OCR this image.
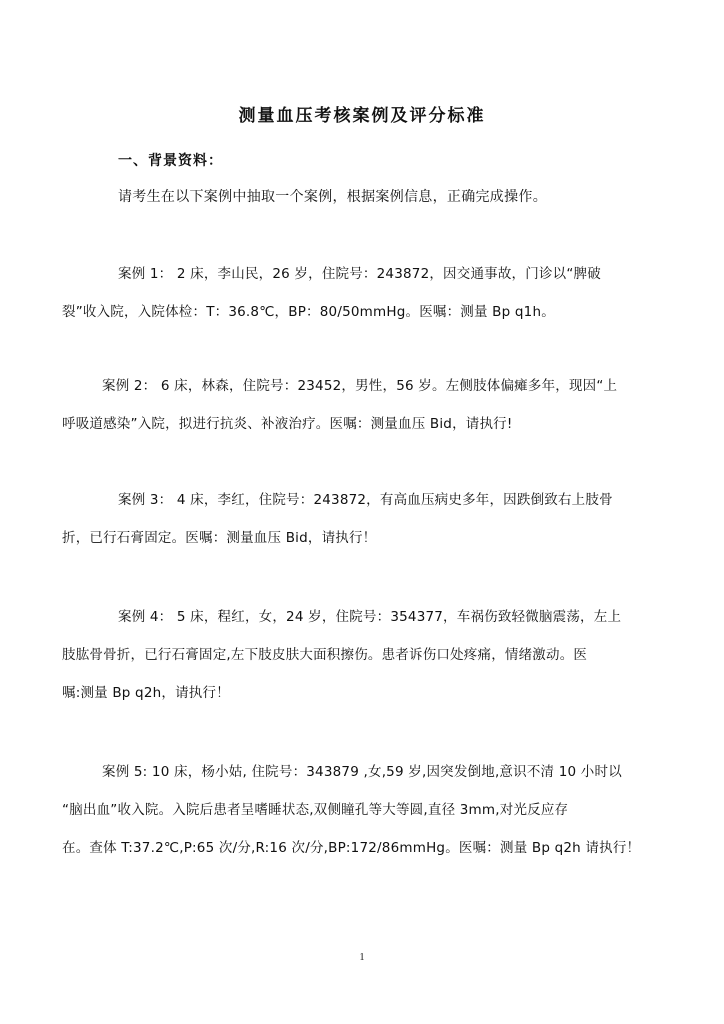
测量血压考核案例及评分标准
一、背景资料：
请考生在以下案例中抽取一个案例，根据案例信息，正确完成操作。
案例 1： 2 床，李山民，26 岁，住院号：243872，因交通事故，门诊以“脾破
裂”收入院，入院体检：T：36.8℃，BP：80/50mmHg。医嘱：测量 Bp q1h。
案例 2： 6 床，林森，住院号：23452，男性，56 岁。左侧肢体偏瘫多年，现因“上
呼吸道感染”入院，拟进行抗炎、补液治疗。医嘱：测量血压 Bid，请执行!
案例 3： 4 床，李红，住院号：243872，有高血压病史多年，因跌倒致右上肢骨
折，已行石膏固定。医嘱：测量血压 Bid，请执行！
案例 4： 5 床，程红，女，24 岁，住院号：354377，车祸伤致轻微脑震荡，左上
肢肱骨骨折，已行石膏固定,左下肢皮肤大面积擦伤。患者诉伤口处疼痛，情绪激动。医
嘱:测量 Bp q2h，请执行！
案例 5: 10 床，杨小姑, 住院号：343879 ,女,59 岁,因突发倒地,意识不清 10 小时以
“脑出血”收入院。入院后患者呈嗜睡状态,双侧瞳孔等大等圆,直径 3mm,对光反应存
在。查体 T:37.2℃,P:65 次/分,R:16 次/分,BP:172/86mmHg。医嘱：测量 Bp q2h 请执行！
1
